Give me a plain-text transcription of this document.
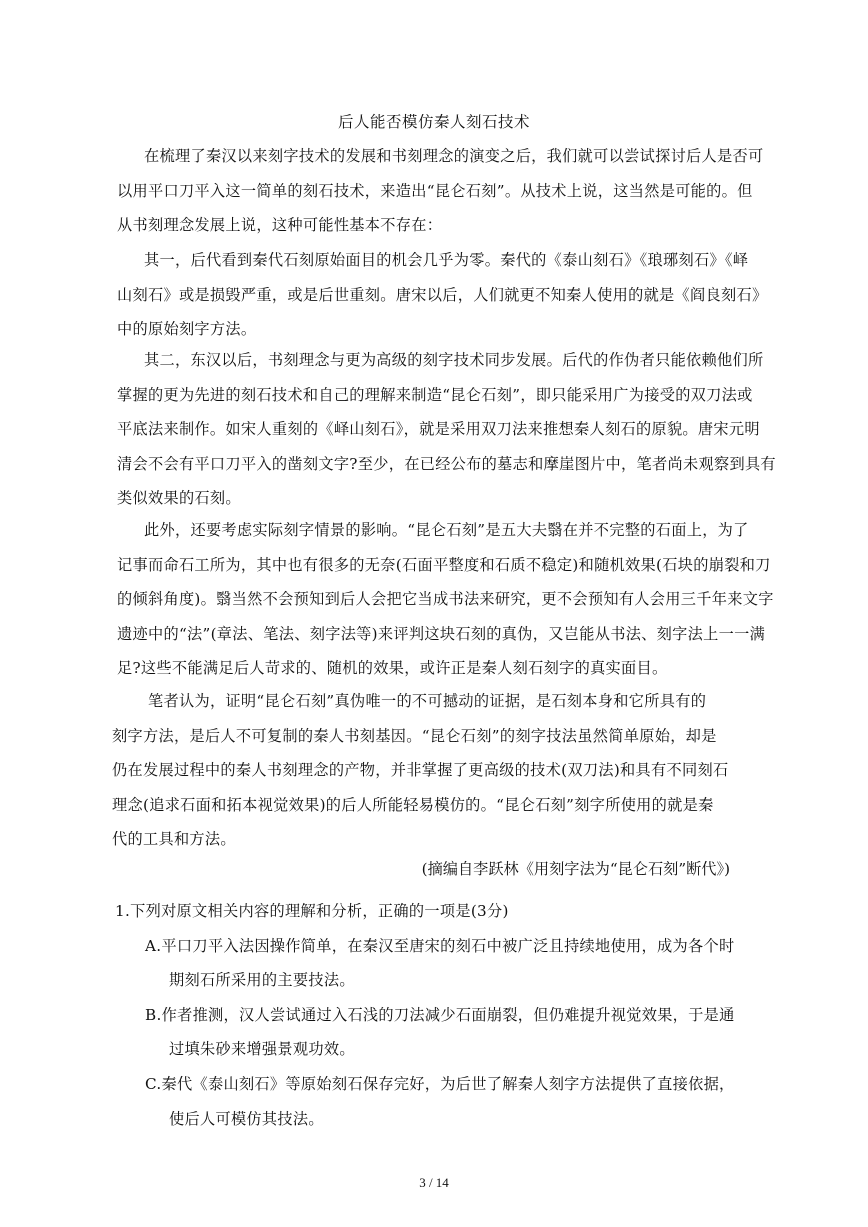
后人能否模仿秦人刻石技术
在梳理了秦汉以来刻字技术的发展和书刻理念的演变之后，我们就可以尝试探讨后人是否可
以用平口刀平入这一简单的刻石技术，来造出“昆仑石刻”。从技术上说，这当然是可能的。但
从书刻理念发展上说，这种可能性基本不存在：
其一，后代看到秦代石刻原始面目的机会几乎为零。秦代的《泰山刻石》《琅琊刻石》《峄
山刻石》或是损毁严重，或是后世重刻。唐宋以后，人们就更不知秦人使用的就是《阎良刻石》
中的原始刻字方法。
其二，东汉以后，书刻理念与更为高级的刻字技术同步发展。后代的作伪者只能依赖他们所
掌握的更为先进的刻石技术和自己的理解来制造“昆仑石刻”，即只能采用广为接受的双刀法或
平底法来制作。如宋人重刻的《峄山刻石》，就是采用双刀法来推想秦人刻石的原貌。唐宋元明
清会不会有平口刀平入的凿刻文字?至少，在已经公布的墓志和摩崖图片中，笔者尚未观察到具有
类似效果的石刻。
此外，还要考虑实际刻字情景的影响。“昆仑石刻”是五大夫翳在并不完整的石面上，为了
记事而命石工所为，其中也有很多的无奈(石面平整度和石质不稳定)和随机效果(石块的崩裂和刀
的倾斜角度)。翳当然不会预知到后人会把它当成书法来研究，更不会预知有人会用三千年来文字
遗迹中的“法”(章法、笔法、刻字法等)来评判这块石刻的真伪，又岂能从书法、刻字法上一一满
足?这些不能满足后人苛求的、随机的效果，或许正是秦人刻石刻字的真实面目。
笔者认为，证明“昆仑石刻”真伪唯一的不可撼动的证据，是石刻本身和它所具有的
刻字方法，是后人不可复制的秦人书刻基因。“昆仑石刻”的刻字技法虽然简单原始，却是
仍在发展过程中的秦人书刻理念的产物，并非掌握了更高级的技术(双刀法)和具有不同刻石
理念(追求石面和拓本视觉效果)的后人所能轻易模仿的。“昆仑石刻”刻字所使用的就是秦
代的工具和方法。
(摘编自李跃林《用刻字法为“昆仑石刻”断代》)
1.下列对原文相关内容的理解和分析，正确的一项是(3分)
A.平口刀平入法因操作简单，在秦汉至唐宋的刻石中被广泛且持续地使用，成为各个时
期刻石所采用的主要技法。
B.作者推测，汉人尝试通过入石浅的刀法减少石面崩裂，但仍难提升视觉效果，于是通
过填朱砂来增强景观功效。
C.秦代《泰山刻石》等原始刻石保存完好，为后世了解秦人刻字方法提供了直接依据，
使后人可模仿其技法。
3 / 14
